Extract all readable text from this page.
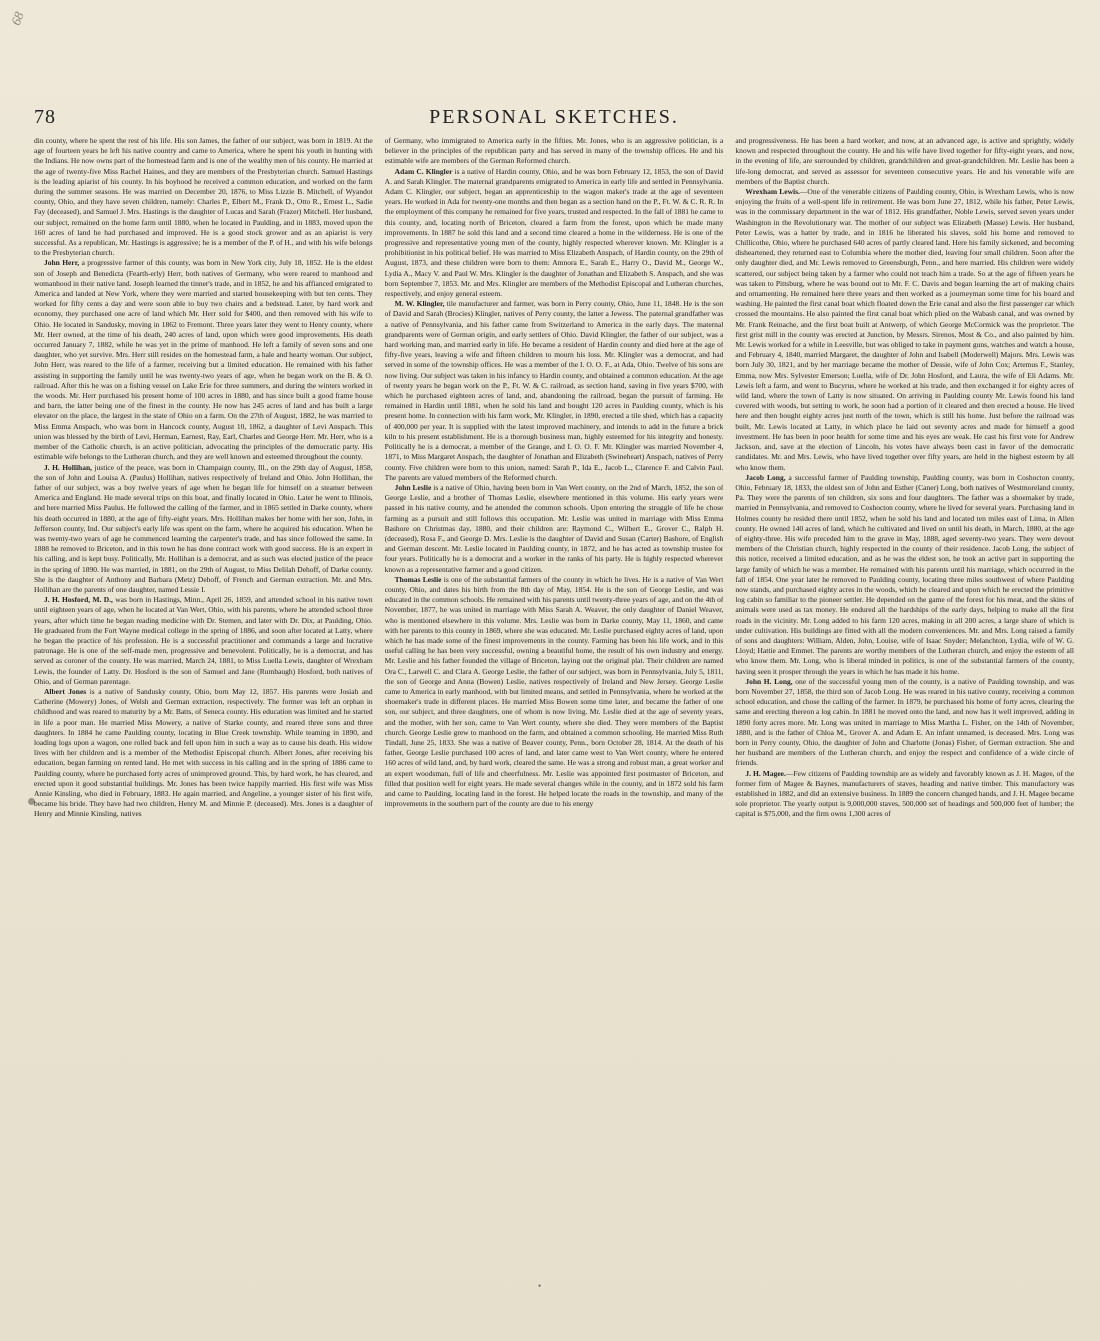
68
78	PERSONAL SKETCHES.

din county, where he spent the rest of his life. His son James, the father of our subject, was born in 1819. At the age of fourteen years he left his native country and came to America, where he spent his youth in hunting with the Indians. He now owns part of the homestead farm and is one of the wealthy men of his county. He married at the age of twenty-five Miss Rachel Haines, and they are members of the Presbyterian church. Samuel Hastings is the leading apiarist of his county. In his boyhood he received a common education, and worked on the farm during the summer seasons. He was married on December 20, 1876, to Miss Lizzie B. Mitchell, of Wyandot county, Ohio, and they have seven children, namely: Charles P., Elbert M., Frank D., Otto R., Ernest L., Sadie Fay (deceased), and Samuel J. Mrs. Hastings is the daughter of Lucas and Sarah (Frazer) Mitchell. Her husband, our subject, remained on the home farm until 1880, when he located in Paulding, and in 1883, moved upon the 160 acres of land he had purchased and improved. He is a good stock grower and as an apiarist is very successful. As a republican, Mr. Hastings is aggressive; he is a member of the P. of H., and with his wife belongs to the Presbyterian church.

John Herr, a progressive farmer of this county, was born in New York city, July 18, 1852. He is the eldest son of Joseph and Benedicta (Fearth-erly) Herr, both natives of Germany, who were reared to manhood and womanhood in their native land. Joseph learned the tinner's trade, and in 1852, he and his affianced emigrated to America and landed at New York, where they were married and started housekeeping with but ten cents. They worked for fifty cents a day and were soon able to buy two chairs and a bedstead. Later, by hard work and economy, they purchased one acre of land which Mr. Herr sold for $400, and then removed with his wife to Ohio. He located in Sandusky, moving in 1862 to Fremont. Three years later they went to Henry county, where Mr. Herr owned, at the time of his death, 240 acres of land, upon which were good improvements. His death occurred January 7, 1882, while he was yet in the prime of manhood. He left a family of seven sons and one daughter, who yet survive. Mrs. Herr still resides on the homestead farm, a hale and hearty woman. Our subject, John Herr, was reared to the life of a farmer, receiving but a limited education. He remained with his father assisting in supporting the family until he was twenty-two years of age, when he began work on the B. & O. railroad. After this he was on a fishing vessel on Lake Erie for three summers, and during the winters worked in the woods. Mr. Herr purchased his present home of 100 acres in 1880, and has since built a good frame house and barn, the latter being one of the finest in the county. He now has 245 acres of land and has built a large elevator on the place, the largest in the state of Ohio on a farm. On the 27th of August, 1882, he was married to Miss Emma Anspach, who was born in Hancock county, August 10, 1862, a daughter of Levi Anspach. This union was blessed by the birth of Levi, Herman, Earnest, Ray, Earl, Charles and George Herr. Mr. Herr, who is a member of the Catholic church, is an active politician, advocating the principles of the democratic party. His estimable wife belongs to the Lutheran church, and they are well known and esteemed throughout the county.

J. H. Hollihan, justice of the peace, was born in Champaign county, Ill., on the 29th day of August, 1858, the son of John and Louisa A. (Paulus) Hollihan, natives respectively of Ireland and Ohio. John Hollihan, the father of our subject, was a boy twelve years of age when he began life for himself on a steamer between America and England. He made several trips on this boat, and finally located in Ohio. Later he went to Illinois, and here married Miss Paulus. He followed the calling of the farmer, and in 1865 settled in Darke county, where his death occurred in 1880, at the age of fifty-eight years. Mrs. Hollihan makes her home with her son, John, in Jefferson county, Ind. Our subject's early life was spent on the farm, where he acquired his education. When he was twenty-two years of age he commenced learning the carpenter's trade, and has since followed the same. In 1888 he removed to Briceton, and in this town he has done contract work with good success. He is an expert in his calling, and is kept busy. Politically, Mr. Hollihan is a democrat, and as such was elected justice of the peace in the spring of 1890. He was married, in 1881, on the 29th of August, to Miss Delilah Dehoff, of Darke county. She is the daughter of Anthony and Barbara (Metz) Dehoff, of French and German extraction. Mr. and Mrs. Hollihan are the parents of one daughter, named Lessie I.

J. H. Hosford, M. D., was born in Hastings, Minn., April 26, 1859, and attended school in his native town until eighteen years of age, when he located at Van Wert, Ohio, with his parents, where he attended school three years, after which time he began reading medicine with Dr. Stemen, and later with Dr. Dix, at Paulding, Ohio. He graduated from the Fort Wayne medical college in the spring of 1886, and soon after located at Latty, where he began the practice of his profession. He is a successful practitioner and commands a large and lucrative patronage. He is one of the self-made men, progressive and benevolent. Politically, he is a democrat, and has served as coroner of the county. He was married, March 24, 1881, to Miss Luella Lewis, daughter of Wrexham Lewis, the founder of Latty. Dr. Hosford is the son of Samuel and Jane (Rumbaugh) Hosford, both natives of Ohio, and of German parentage.

Albert Jones is a native of Sandusky county, Ohio, born May 12, 1857. His parents were Josiah and Catherine (Mowery) Jones, of Welsh and German extraction, respectively. The former was left an orphan in childhood and was reared to maturity by a Mr. Batts, of Seneca county. His education was limited and he started in life a poor man. He married Miss Mowery, a native of Starke county, and reared three sons and three daughters. In 1884 he came Paulding county, locating in Blue Creek township. While teaming in 1890, and loading logs upon a wagon, one rolled back and fell upon him in such a way as to cause his death. His widow lives with her children and is a member of the Methodist Episcopal church. Albert Jones, after receiving his education, began farming on rented land. He met with success in his calling and in the spring of 1886 came to Paulding county, where he purchased forty acres of unimproved ground. This, by hard work, he has cleared, and erected upon it good substantial buildings. Mr. Jones has been twice happily married. His first wife was Miss Annie Kinsling, who died in February, 1883. He again married, and Angeline, a younger sister of his first wife, became his bride. They have had two children, Henry M. and Minnie P. (deceased). Mrs. Jones is a daughter of Henry and Minnie Kinsling, natives

of Germany, who immigrated to America early in the fifties. Mr. Jones, who is an aggressive politician, is a believer in the principles of the republican party and has served in many of the township offices. He and his estimable wife are members of the German Reformed church.

Adam C. Klingler is a native of Hardin county, Ohio, and he was born February 12, 1853, the son of David A. and Sarah Klingler. The maternal grandparents emigrated to America in early life and settled in Pennsylvania. Adam C. Klingler, our subject, began an apprenticeship to the wagon maker's trade at the age of seventeen years. He worked in Ada for twenty-one months and then began as a section hand on the P., Ft. W. & C. R. R. In the employment of this company he remained for five years, trusted and respected. In the fall of 1881 he came to this county, and, locating north of Briceton, cleared a farm from the forest, upon which he made many improvements. In 1887 he sold this land and a second time cleared a home in the wilderness. He is one of the progressive and representative young men of the county, highly respected wherever known. Mr. Klingler is a prohibitionist in his political belief. He was married to Miss Elizabeth Anspach, of Hardin county, on the 29th of August, 1873, and these children were born to them: Amnora E., Sarah E., Harry O., David M., George W., Lydia A., Macy V. and Paul W. Mrs. Klingler is the daughter of Jonathan and Elizabeth S. Anspach, and she was born September 7, 1853. Mr. and Mrs. Klingler are members of the Methodist Episcopal and Lutheran churches, respectively, and enjoy general esteem.

M. W. Klingler, tile manufacturer and farmer, was born in Perry county, Ohio, June 11, 1848. He is the son of David and Sarah (Brocies) Klingler, natives of Perry county, the latter a Jewess. The paternal grandfather was a native of Pennsylvania, and his father came from Switzerland to America in the early days. The maternal grandparents were of German origin, and early settlers of Ohio. David Klingler, the father of our subject, was a hard working man, and married early in life. He became a resident of Hardin county and died here at the age of fifty-five years, leaving a wife and fifteen children to mourn his loss. Mr. Klingler was a democrat, and had served in some of the township offices. He was a member of the I. O. O. F., at Ada, Ohio. Twelve of his sons are now living. Our subject was taken in his infancy to Hardin county, and obtained a common education. At the age of twenty years he began work on the P., Ft. W. & C. railroad, as section hand, saving in five years $700, with which he purchased eighteen acres of land, and, abandoning the railroad, began the pursuit of farming. He remained in Hardin until 1881, when he sold his land and bought 120 acres in Paulding county, which is his present home. In connection with his farm work, Mr. Klingler, in 1890, erected a tile shed, which has a capacity of 400,000 per year. It is supplied with the latest improved machinery, and intends to add in the future a brick kiln to his present establishment. He is a thorough business man, highly esteemed for his integrity and honesty. Politically he is a democrat, a member of the Grange, and I. O. O. F. Mr. Klingler was married November 4, 1871, to Miss Margaret Anspach, the daughter of Jonathan and Elizabeth (Swineheart) Anspach, natives of Perry county. Five children were born to this union, named: Sarah P., Ida E., Jacob L., Clarence F. and Calvin Paul. The parents are valued members of the Reformed church.

John Leslie is a native of Ohio, having been born in Van Wert county, on the 2nd of March, 1852, the son of George Leslie, and a brother of Thomas Leslie, elsewhere mentioned in this volume. His early years were passed in his native county, and he attended the common schools. Upon entering the struggle of life he chose farming as a pursuit and still follows this occupation. Mr. Leslie was united in marriage with Miss Emma Bashore on Christmas day, 1880, and their children are: Raymond C., Wilbert E., Grover C., Ralph H. (deceased), Rosa F., and George D. Mrs. Leslie is the daughter of David and Susan (Carter) Bashore, of English and German descent. Mr. Leslie located in Paulding county, in 1872, and he has acted as township trustee for four years. Politically he is a democrat and a worker in the ranks of his party. He is highly respected wherever known as a representative farmer and a good citizen.

Thomas Leslie is one of the substantial farmers of the county in which he lives. He is a native of Van Wert county, Ohio, and dates his birth from the 8th day of May, 1854. He is the son of George Leslie, and was educated in the common schools. He remained with his parents until twenty-three years of age, and on the 4th of November, 1877, he was united in marriage with Miss Sarah A. Weaver, the only daughter of Daniel Weaver, who is mentioned elsewhere in this volume. Mrs. Leslie was born in Darke county, May 11, 1860, and came with her parents to this county in 1869, where she was educated. Mr. Leslie purchased eighty acres of land, upon which he has made some of the finest improvements in the county. Farming has been his life work, and in this useful calling he has been very successful, owning a beautiful home, the result of his own industry and energy. Mr. Leslie and his father founded the village of Briceton, laying out the original plat. Their children are named Ora C., Larwell C. and Clara A. George Leslie, the father of our subject, was born in Pennsylvania, July 5, 1811, the son of George and Anna (Bowen) Leslie, natives respectively of Ireland and New Jersey. George Leslie came to America in early manhood, with but limited means, and settled in Pennsylvania, where he worked at the shoemaker's trade in different places. He married Miss Bowen some time later, and became the father of one son, our subject, and three daughters, one of whom is now living. Mr. Leslie died at the age of seventy years, and the mother, with her son, came to Van Wert county, where she died. They were members of the Baptist church. George Leslie grew to manhood on the farm, and obtained a common schooling. He married Miss Ruth Tindall, June 25, 1833. She was a native of Beaver county, Penn., born October 28, 1814. At the death of his father, George Leslie purchased 100 acres of land, and later came west to Van Wert county, where he entered 160 acres of wild land, and, by hard work, cleared the same. He was a strong and robust man, a great worker and an expert woodsman, full of life and cheerfulness. Mr. Leslie was appointed first postmaster of Briceton, and filled that position well for eight years. He made several changes while in the county, and in 1872 sold his farm and came to Paulding, locating land in the forest. He helped locate the roads in the township, and many of the improvements in the southern part of the county are due to his energy

and progressiveness. He has been a hard worker, and now, at an advanced age, is active and sprightly, widely known and respected throughout the county. He and his wife have lived together for fifty-eight years, and now, in the evening of life, are surrounded by children, grandchildren and great-grandchildren. Mr. Leslie has been a life-long democrat, and served as assessor for seventeen consecutive years. He and his venerable wife are members of the Baptist church.

Wrexham Lewis.—One of the venerable citizens of Paulding county, Ohio, is Wrexham Lewis, who is now enjoying the fruits of a well-spent life in retirement. He was born June 27, 1812, while his father, Peter Lewis, was in the commissary department in the war of 1812. His grandfather, Noble Lewis, served seven years under Washington in the Revolutionary war. The mother of our subject was Elizabeth (Masse) Lewis. Her husband, Peter Lewis, was a hatter by trade, and in 1816 he liberated his slaves, sold his home and removed to Chillicothe, Ohio, where he purchased 640 acres of partly cleared land. Here his family sickened, and becoming disheartened, they returned east to Columbia where the mother died, leaving four small children. Soon after the only daughter died, and Mr. Lewis removed to Greensburgh, Penn., and here married. His children were widely scattered, our subject being taken by a farmer who could not teach him a trade. So at the age of fifteen years he was taken to Pittsburg, where he was bound out to Mr. F. C. Davis and began learning the art of making chairs and ornamenting. He remained here three years and then worked as a journeyman some time for his board and washing. He painted the first canal boat which floated down the Erie canal and also the first passenger car which crossed the mountains. He also painted the first canal boat which plied on the Wabash canal, and was owned by Mr. Frank Reinache, and the first boat built at Antwerp, of which George McCormick was the proprietor. The first grist mill in the county was erected at Junction, by Messrs. Sirenos, Most & Co., and also painted by him. Mr. Lewis worked for a while in Leesville, but was obliged to take in payment guns, watches and watch a house, and February 4, 1840, married Margaret, the daughter of John and Isabell (Moderwell) Majors. Mrs. Lewis was born July 30, 1821, and by her marriage became the mother of Dessie, wife of John Cox; Artemus F., Stanley, Emma, now Mrs. Sylvester Emerson; Luella, wife of Dr. John Hosford, and Laura, the wife of Eli Adams. Mr. Lewis left a farm, and went to Bucyrus, where he worked at his trade, and then exchanged it for eighty acres of wild land, where the town of Latty is now situated. On arriving in Paulding county Mr. Lewis found his land covered with woods, but setting to work, he soon had a portion of it cleared and then erected a house. He lived here and then bought eighty acres just north of the town, which is still his home. Just before the railroad was built, Mr. Lewis located at Latty, in which place he laid out seventy acres and made for himself a good investment. He has been in poor health for some time and his eyes are weak. He cast his first vote for Andrew Jackson, and, save at the election of Lincoln, his votes have always been cast in favor of the democratic candidates. Mr. and Mrs. Lewis, who have lived together over fifty years, are held in the highest esteem by all who know them.

Jacob Long, a successful farmer of Paulding township, Paulding county, was born in Coshocton county, Ohio, February 18, 1833, the oldest son of John and Esther (Caner) Long, both natives of Westmoreland county, Pa. They were the parents of ten children, six sons and four daughters. The father was a shoemaker by trade, married in Pennsylvania, and removed to Coshocton county, where he lived for several years. Purchasing land in Holmes county he resided there until 1852, when he sold his land and located ten miles east of Lima, in Allen county. He owned 140 acres of land, which he cultivated and lived on until his death, in March, 1880, at the age of eighty-three. His wife preceded him to the grave in May, 1888, aged seventy-two years. They were devout members of the Christian church, highly respected in the county of their residence. Jacob Long, the subject of this notice, received a limited education, and as he was the eldest son, he took an active part in supporting the large family of which he was a member. He remained with his parents until his marriage, which occurred in the fall of 1854. One year later he removed to Paulding county, locating three miles southwest of where Paulding now stands, and purchased eighty acres in the woods, which he cleared and upon which he erected the primitive log cabin so familiar to the pioneer settler. He depended on the game of the forest for his meat, and the skins of animals were used as tax money. He endured all the hardships of the early days, helping to make all the first roads in the vicinity. Mr. Long added to his farm 120 acres, making in all 200 acres, a large share of which is under cultivation. His buildings are fitted with all the modern conveniences. Mr. and Mrs. Long raised a family of sons and daughters: William, Alden, John, Louise, wife of Isaac Snyder; Melanchton, Lydia, wife of W. G. Lloyd; Hattie and Emmet. The parents are worthy members of the Lutheran church, and enjoy the esteem of all who know them. Mr. Long, who is liberal minded in politics, is one of the substantial farmers of the county, having seen it prosper through the years in which he has made it his home.

John H. Long, one of the successful young men of the county, is a native of Paulding township, and was born November 27, 1858, the third son of Jacob Long. He was reared in his native county, receiving a common school education, and chose the calling of the farmer. In 1879, he purchased his home of forty acres, clearing the same and erecting thereon a log cabin. In 1881 he moved onto the land, and now has it well improved, adding in 1890 forty acres more. Mr. Long was united in marriage to Miss Martha L. Fisher, on the 14th of November, 1880, and is the father of Chloa M., Grover A. and Adam E. An infant unnamed, is deceased. Mrs. Long was born in Perry county, Ohio, the daughter of John and Charlotte (Jonas) Fisher, of German extraction. She and her husband are members of the Lutheran church, and enjoy the respect and confidence of a wide circle of friends.

J. H. Magee.—Few citizens of Paulding township are as widely and favorably known as J. H. Magee, of the former firm of Magee & Baynes, manufacturers of staves, heading and native timber. This manufactory was established in 1882, and did an extensive business. In 1889 the concern changed hands, and J. H. Magee became sole proprietor. The yearly output is 9,000,000 staves, 500,000 set of headings and 500,000 feet of lumber; the capital is $75,000, and the firm owns 1,300 acres of

•
